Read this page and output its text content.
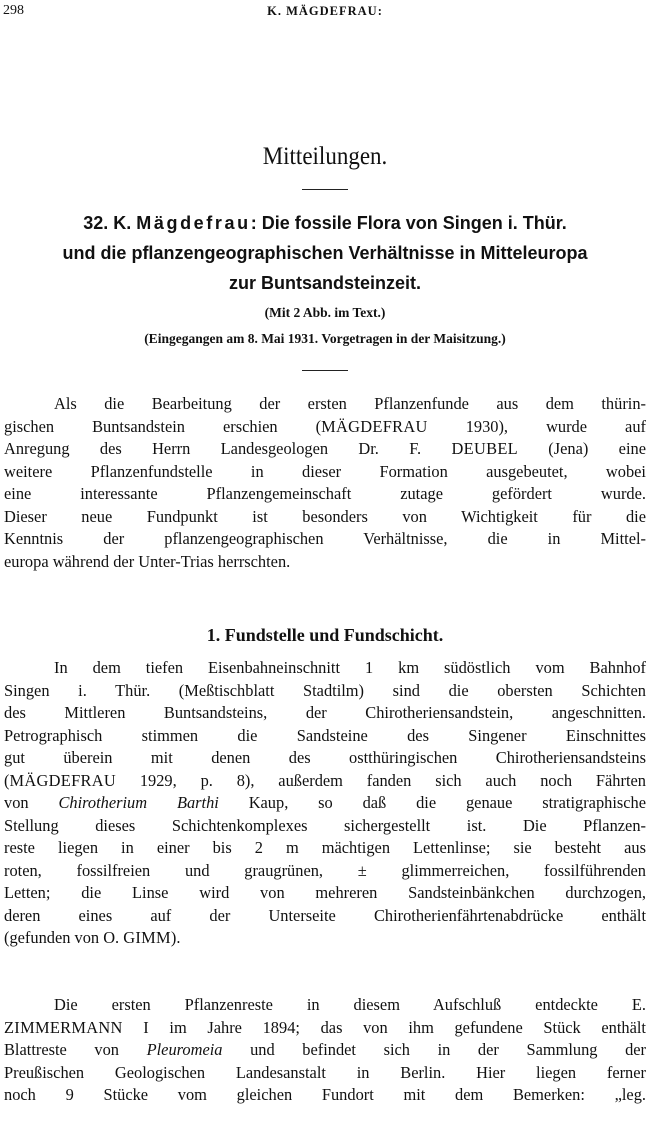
298	K. MÄGDEFRAU:
Mitteilungen.
32. K. Mägdefrau: Die fossile Flora von Singen i. Thür.
und die pflanzengeographischen Verhältnisse in Mitteleuropa
zur Buntsandsteinzeit.
(Mit 2 Abb. im Text.)
(Eingegangen am 8. Mai 1931. Vorgetragen in der Maisitzung.)
Als die Bearbeitung der ersten Pflanzenfunde aus dem thürin-
gischen Buntsandstein erschien (MÄGDEFRAU 1930), wurde auf
Anregung des Herrn Landesgeologen Dr. F. DEUBEL (Jena) eine
weitere Pflanzenfundstelle in dieser Formation ausgebeutet, wobei
eine interessante Pflanzengemeinschaft zutage gefördert wurde.
Dieser neue Fundpunkt ist besonders von Wichtigkeit für die
Kenntnis der pflanzengeographischen Verhältnisse, die in Mittel-
europa während der Unter-Trias herrschten.
1. Fundstelle und Fundschicht.
In dem tiefen Eisenbahneinschnitt 1 km südöstlich vom Bahnhof
Singen i. Thür. (Meßtischblatt Stadtilm) sind die obersten Schichten
des Mittleren Buntsandsteins, der Chirotheriensandstein, angeschnitten.
Petrographisch stimmen die Sandsteine des Singener Einschnittes
gut überein mit denen des ostthüringischen Chirotheriensandsteins
(MÄGDEFRAU 1929, p. 8), außerdem fanden sich auch noch Fährten
von Chirotherium Barthi Kaup, so daß die genaue stratigraphische
Stellung dieses Schichtenkomplexes sichergestellt ist. Die Pflanzen-
reste liegen in einer bis 2 m mächtigen Lettenlinse; sie besteht aus
roten, fossilfreien und graugrünen, ± glimmerreichen, fossilführenden
Letten; die Linse wird von mehreren Sandsteinbänkchen durchzogen,
deren eines auf der Unterseite Chirotherienfährtenabdrücke enthält
(gefunden von O. GIMM).
Die ersten Pflanzenreste in diesem Aufschluß entdeckte E.
ZIMMERMANN I im Jahre 1894; das von ihm gefundene Stück enthält
Blattreste von Pleuromeia und befindet sich in der Sammlung der
Preußischen Geologischen Landesanstalt in Berlin. Hier liegen ferner
noch 9 Stücke vom gleichen Fundort mit dem Bemerken: „leg.
